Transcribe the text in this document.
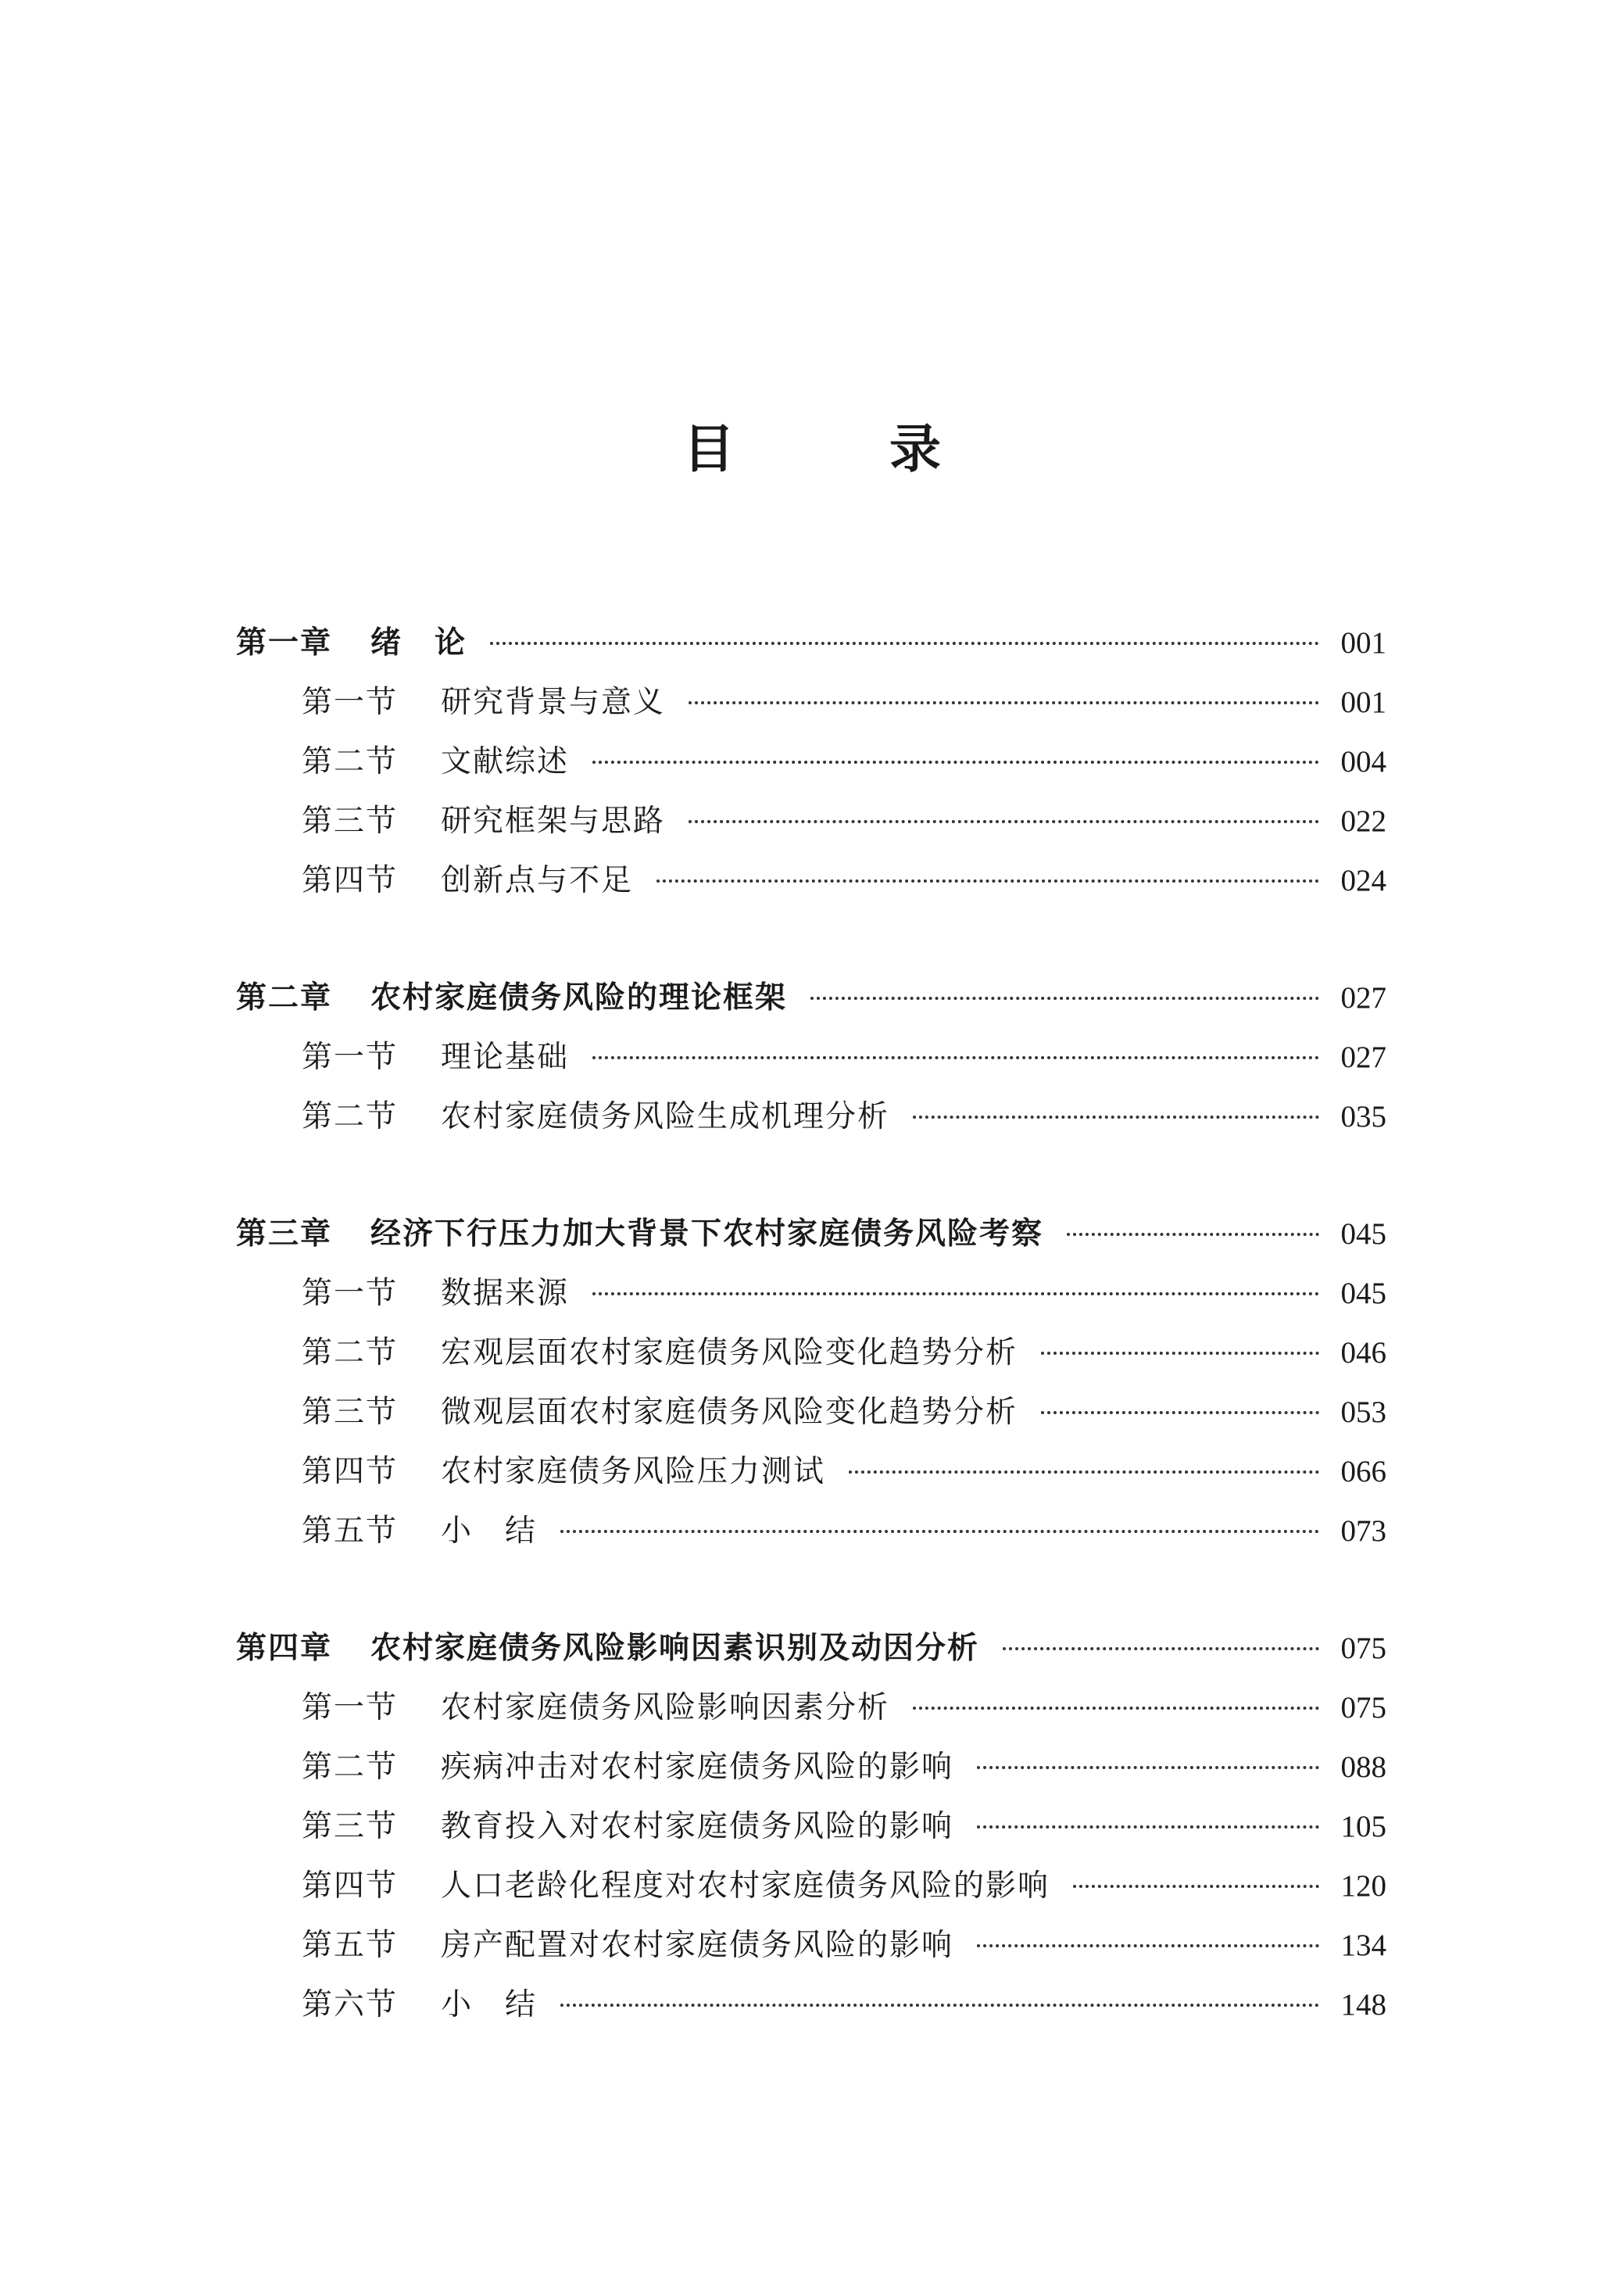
目　录
第一章	绪　论	001
第一节	研究背景与意义	001
第二节	文献综述	004
第三节	研究框架与思路	022
第四节	创新点与不足	024
第二章	农村家庭债务风险的理论框架	027
第一节	理论基础	027
第二节	农村家庭债务风险生成机理分析	035
第三章	经济下行压力加大背景下农村家庭债务风险考察	045
第一节	数据来源	045
第二节	宏观层面农村家庭债务风险变化趋势分析	046
第三节	微观层面农村家庭债务风险变化趋势分析	053
第四节	农村家庭债务风险压力测试	066
第五节	小　结	073
第四章	农村家庭债务风险影响因素识别及动因分析	075
第一节	农村家庭债务风险影响因素分析	075
第二节	疾病冲击对农村家庭债务风险的影响	088
第三节	教育投入对农村家庭债务风险的影响	105
第四节	人口老龄化程度对农村家庭债务风险的影响	120
第五节	房产配置对农村家庭债务风险的影响	134
第六节	小　结	148
